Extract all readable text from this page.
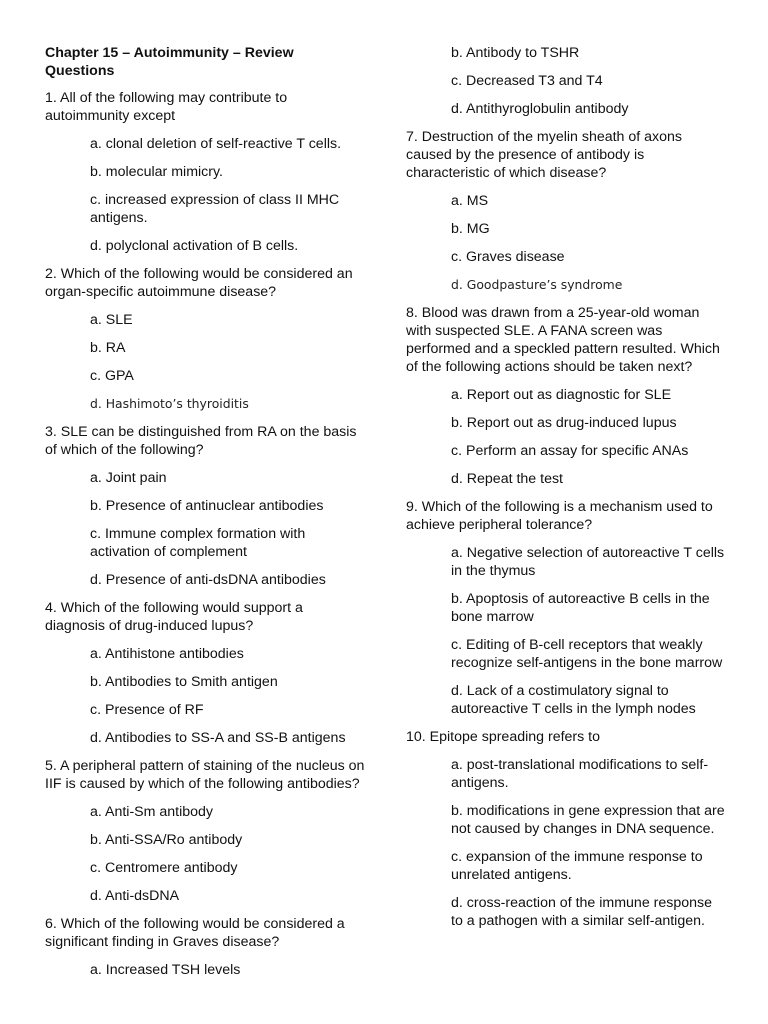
Chapter 15 – Autoimmunity – Review Questions
1. All of the following may contribute to autoimmunity except
a. clonal deletion of self-reactive T cells.
b. molecular mimicry.
c. increased expression of class II MHC antigens.
d. polyclonal activation of B cells.
2. Which of the following would be considered an organ-specific autoimmune disease?
a. SLE
b. RA
c. GPA
d. Hashimoto’s thyroiditis
3. SLE can be distinguished from RA on the basis of which of the following?
a. Joint pain
b. Presence of antinuclear antibodies
c. Immune complex formation with activation of complement
d. Presence of anti-dsDNA antibodies
4. Which of the following would support a diagnosis of drug-induced lupus?
a. Antihistone antibodies
b. Antibodies to Smith antigen
c. Presence of RF
d. Antibodies to SS-A and SS-B antigens
5. A peripheral pattern of staining of the nucleus on IIF is caused by which of the following antibodies?
a. Anti-Sm antibody
b. Anti-SSA/Ro antibody
c. Centromere antibody
d. Anti-dsDNA
6. Which of the following would be considered a significant finding in Graves disease?
a. Increased TSH levels
b. Antibody to TSHR
c. Decreased T3 and T4
d. Antithyroglobulin antibody
7. Destruction of the myelin sheath of axons caused by the presence of antibody is characteristic of which disease?
a. MS
b. MG
c. Graves disease
d. Goodpasture’s syndrome
8. Blood was drawn from a 25-year-old woman with suspected SLE. A FANA screen was performed and a speckled pattern resulted. Which of the following actions should be taken next?
a. Report out as diagnostic for SLE
b. Report out as drug-induced lupus
c. Perform an assay for specific ANAs
d. Repeat the test
9. Which of the following is a mechanism used to achieve peripheral tolerance?
a. Negative selection of autoreactive T cells in the thymus
b. Apoptosis of autoreactive B cells in the bone marrow
c. Editing of B-cell receptors that weakly recognize self-antigens in the bone marrow
d. Lack of a costimulatory signal to autoreactive T cells in the lymph nodes
10. Epitope spreading refers to
a. post-translational modifications to self-antigens.
b. modifications in gene expression that are not caused by changes in DNA sequence.
c. expansion of the immune response to unrelated antigens.
d. cross-reaction of the immune response to a pathogen with a similar self-antigen.
